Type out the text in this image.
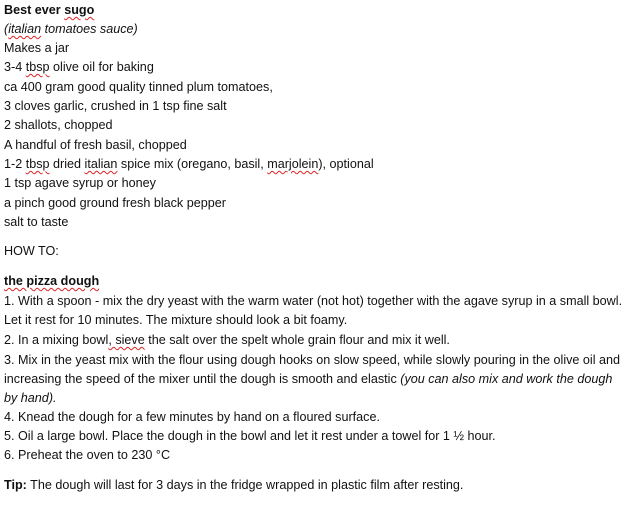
Best ever sugo
(italian tomatoes sauce)
Makes a jar
3-4 tbsp olive oil for baking
ca 400 gram good quality tinned plum tomatoes,
3 cloves garlic, crushed in 1 tsp fine salt
2 shallots, chopped
A handful of fresh basil, chopped
1-2 tbsp dried italian spice mix (oregano, basil, marjolein), optional
1 tsp agave syrup or honey
a pinch good ground fresh black pepper
salt to taste
HOW TO:
the pizza dough
1. With a spoon - mix the dry yeast with the warm water (not hot) together with the agave syrup in a small bowl. Let it rest for 10 minutes. The mixture should look a bit foamy.
2. In a mixing bowl, sieve the salt over the spelt whole grain flour and mix it well.
3. Mix in the yeast mix with the flour using dough hooks on slow speed, while slowly pouring in the olive oil and increasing the speed of the mixer until the dough is smooth and elastic (you can also mix and work the dough by hand).
4. Knead the dough for a few minutes by hand on a floured surface.
5. Oil a large bowl. Place the dough in the bowl and let it rest under a towel for 1 ½ hour.
6. Preheat the oven to 230 °C
Tip: The dough will last for 3 days in the fridge wrapped in plastic film after resting.
